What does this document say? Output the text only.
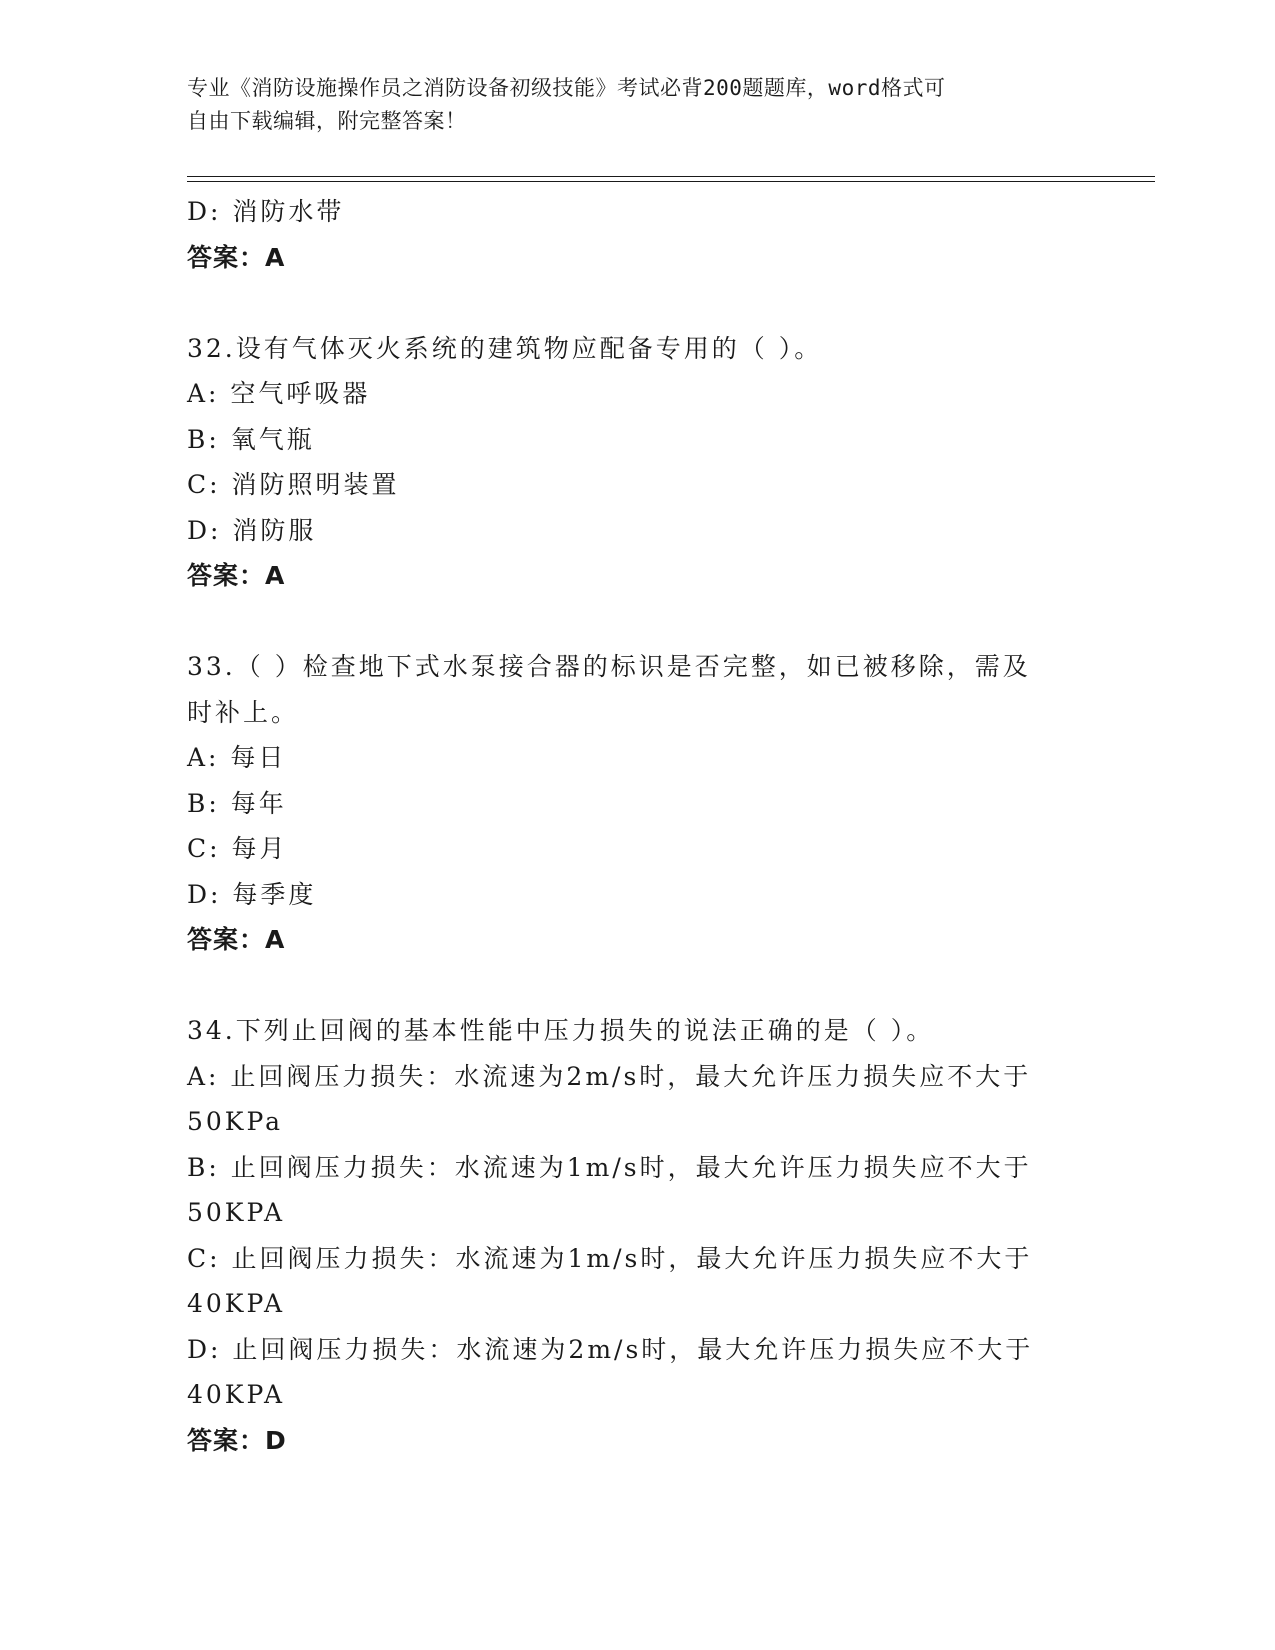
专业《消防设施操作员之消防设备初级技能》考试必背200题题库，word格式可
自由下载编辑，附完整答案！
D: 消防水带
答案：A
32.设有气体灭火系统的建筑物应配备专用的（ ）。
A: 空气呼吸器
B: 氧气瓶
C: 消防照明装置
D: 消防服
答案：A
33.（ ）检查地下式水泵接合器的标识是否完整，如已被移除，需及
时补上。
A: 每日
B: 每年
C: 每月
D: 每季度
答案：A
34.下列止回阀的基本性能中压力损失的说法正确的是（ ）。
A: 止回阀压力损失：水流速为2m/s时，最大允许压力损失应不大于
50KPa
B: 止回阀压力损失：水流速为1m/s时，最大允许压力损失应不大于
50KPA
C: 止回阀压力损失：水流速为1m/s时，最大允许压力损失应不大于
40KPA
D: 止回阀压力损失：水流速为2m/s时，最大允许压力损失应不大于
40KPA
答案：D
